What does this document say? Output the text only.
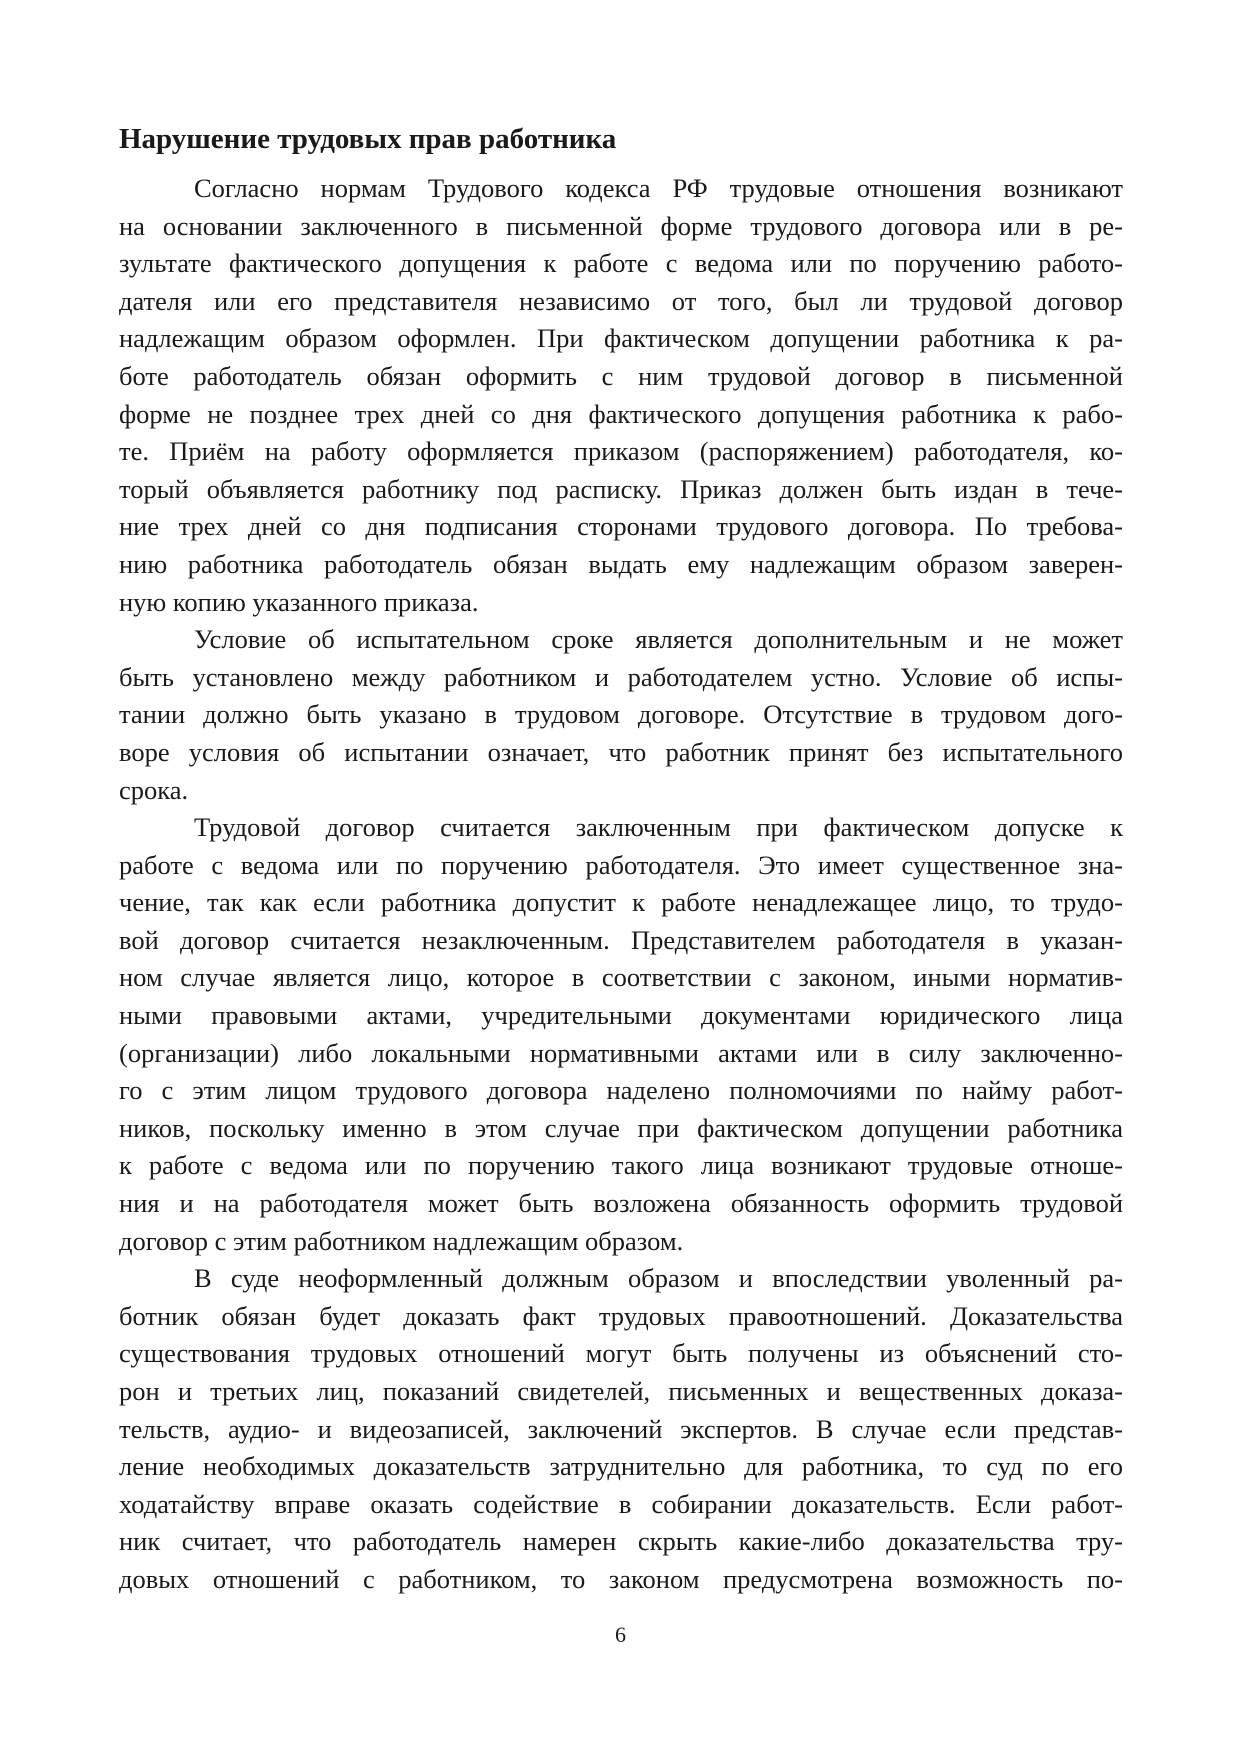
Нарушение трудовых прав работника

Согласно нормам Трудового кодекса РФ трудовые отношения возникают
на основании заключенного в письменной форме трудового договора или в ре-
зультате фактического допущения к работе с ведома или по поручению работо-
дателя или его представителя независимо от того, был ли трудовой договор
надлежащим образом оформлен. При фактическом допущении работника к ра-
боте работодатель обязан оформить с ним трудовой договор в письменной
форме не позднее трех дней со дня фактического допущения работника к рабо-
те. Приём на работу оформляется приказом (распоряжением) работодателя, ко-
торый объявляется работнику под расписку. Приказ должен быть издан в тече-
ние трех дней со дня подписания сторонами трудового договора. По требова-
нию работника работодатель обязан выдать ему надлежащим образом заверен-
ную копию указанного приказа.

Условие об испытательном сроке является дополнительным и не может
быть установлено между работником и работодателем устно. Условие об испы-
тании должно быть указано в трудовом договоре. Отсутствие в трудовом дого-
воре условия об испытании означает, что работник принят без испытательного
срока.

Трудовой договор считается заключенным при фактическом допуске к
работе с ведома или по поручению работодателя. Это имеет существенное зна-
чение, так как если работника допустит к работе ненадлежащее лицо, то трудо-
вой договор считается незаключенным. Представителем работодателя в указан-
ном случае является лицо, которое в соответствии с законом, иными норматив-
ными правовыми актами, учредительными документами юридического лица
(организации) либо локальными нормативными актами или в силу заключенно-
го с этим лицом трудового договора наделено полномочиями по найму работ-
ников, поскольку именно в этом случае при фактическом допущении работника
к работе с ведома или по поручению такого лица возникают трудовые отноше-
ния и на работодателя может быть возложена обязанность оформить трудовой
договор с этим работником надлежащим образом.

В суде неоформленный должным образом и впоследствии уволенный ра-
ботник обязан будет доказать факт трудовых правоотношений. Доказательства
существования трудовых отношений могут быть получены из объяснений сто-
рон и третьих лиц, показаний свидетелей, письменных и вещественных доказа-
тельств, аудио- и видеозаписей, заключений экспертов. В случае если представ-
ление необходимых доказательств затруднительно для работника, то суд по его
ходатайству вправе оказать содействие в собирании доказательств. Если работ-
ник считает, что работодатель намерен скрыть какие-либо доказательства тру-
довых отношений с работником, то законом предусмотрена возможность по-

6
